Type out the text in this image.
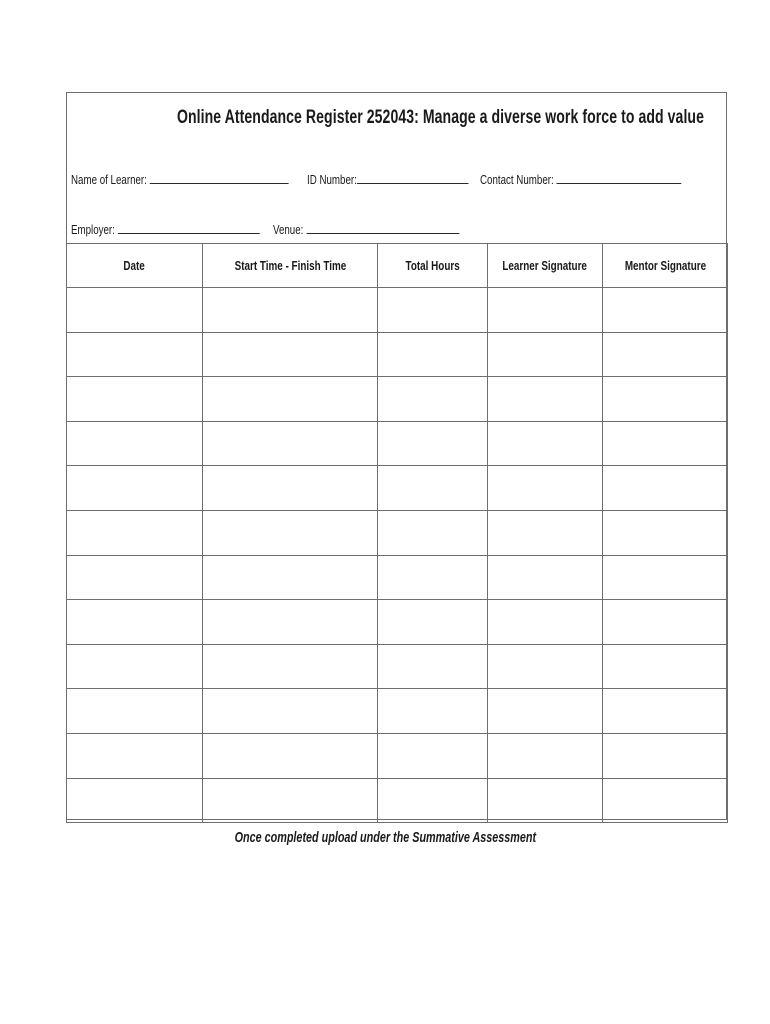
Online Attendance Register 252043: Manage a diverse work force to add value
Name of Learner:	ID Number:	Contact Number:
Employer:	Venue:
Date	Start Time - Finish Time	Total Hours	Learner Signature	Mentor Signature

Once completed upload under the Summative Assessment
